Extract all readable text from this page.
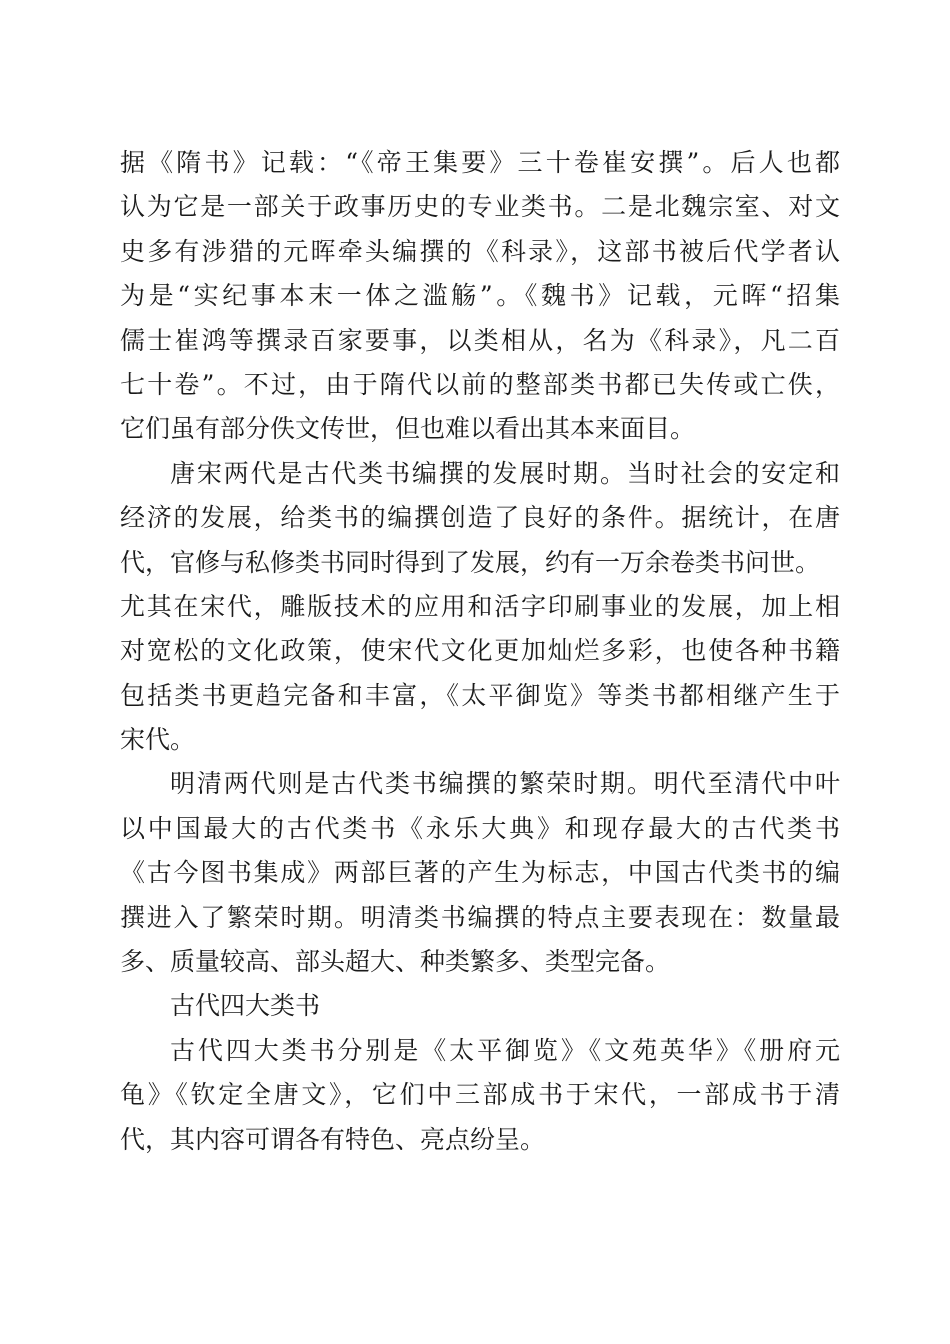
据《隋书》记载：“《帝王集要》三十卷崔安撰”。后人也都
认为它是一部关于政事历史的专业类书。二是北魏宗室、对文
史多有涉猎的元晖牵头编撰的《科录》，这部书被后代学者认
为是“实纪事本末一体之滥觞”。《魏书》记载，元晖“招集
儒士崔鸿等撰录百家要事，以类相从，名为《科录》，凡二百
七十卷”。不过，由于隋代以前的整部类书都已失传或亡佚，
它们虽有部分佚文传世，但也难以看出其本来面目。
唐宋两代是古代类书编撰的发展时期。当时社会的安定和
经济的发展，给类书的编撰创造了良好的条件。据统计，在唐
代，官修与私修类书同时得到了发展，约有一万余卷类书问世。
尤其在宋代，雕版技术的应用和活字印刷事业的发展，加上相
对宽松的文化政策，使宋代文化更加灿烂多彩，也使各种书籍
包括类书更趋完备和丰富，《太平御览》等类书都相继产生于
宋代。
明清两代则是古代类书编撰的繁荣时期。明代至清代中叶
以中国最大的古代类书《永乐大典》和现存最大的古代类书
《古今图书集成》两部巨著的产生为标志，中国古代类书的编
撰进入了繁荣时期。明清类书编撰的特点主要表现在：数量最
多、质量较高、部头超大、种类繁多、类型完备。
古代四大类书
古代四大类书分别是《太平御览》《文苑英华》《册府元
龟》《钦定全唐文》，它们中三部成书于宋代，一部成书于清
代，其内容可谓各有特色、亮点纷呈。
